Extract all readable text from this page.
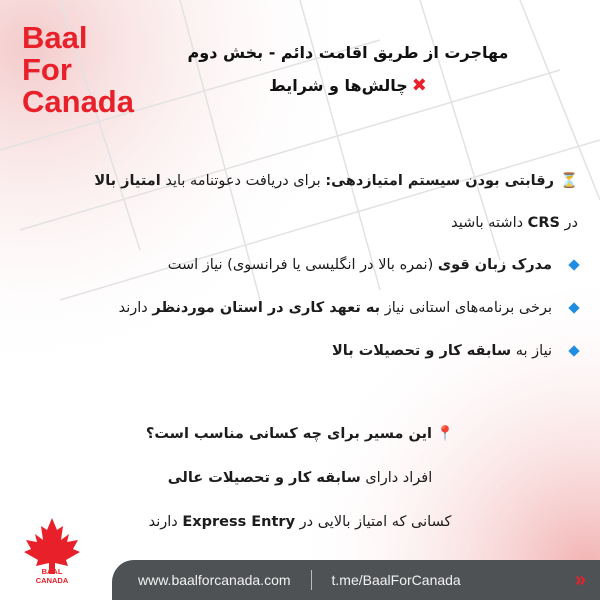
Baal
For
Canada
مهاجرت از طریق اقامت دائم - بخش دوم
✖چالش‌ها و شرایط
⏳رقابتی بودن سیستم امتیازدهی: برای دریافت دعوتنامه باید امتیاز بالا
در CRS داشته باشید
مدرک زبان قوی (نمره بالا در انگلیسی یا فرانسوی) نیاز است
برخی برنامه‌های استانی نیاز به تعهد کاری در استان موردنظر دارند
نیاز به سابقه کار و تحصیلات بالا
📍این مسیر برای چه کسانی مناسب است؟
افراد دارای سابقه کار و تحصیلات عالی
کسانی که امتیاز بالایی در Express Entry دارند
BAAL
CANADA	www.baalforcanada.com	t.me/BaalForCanada	»
